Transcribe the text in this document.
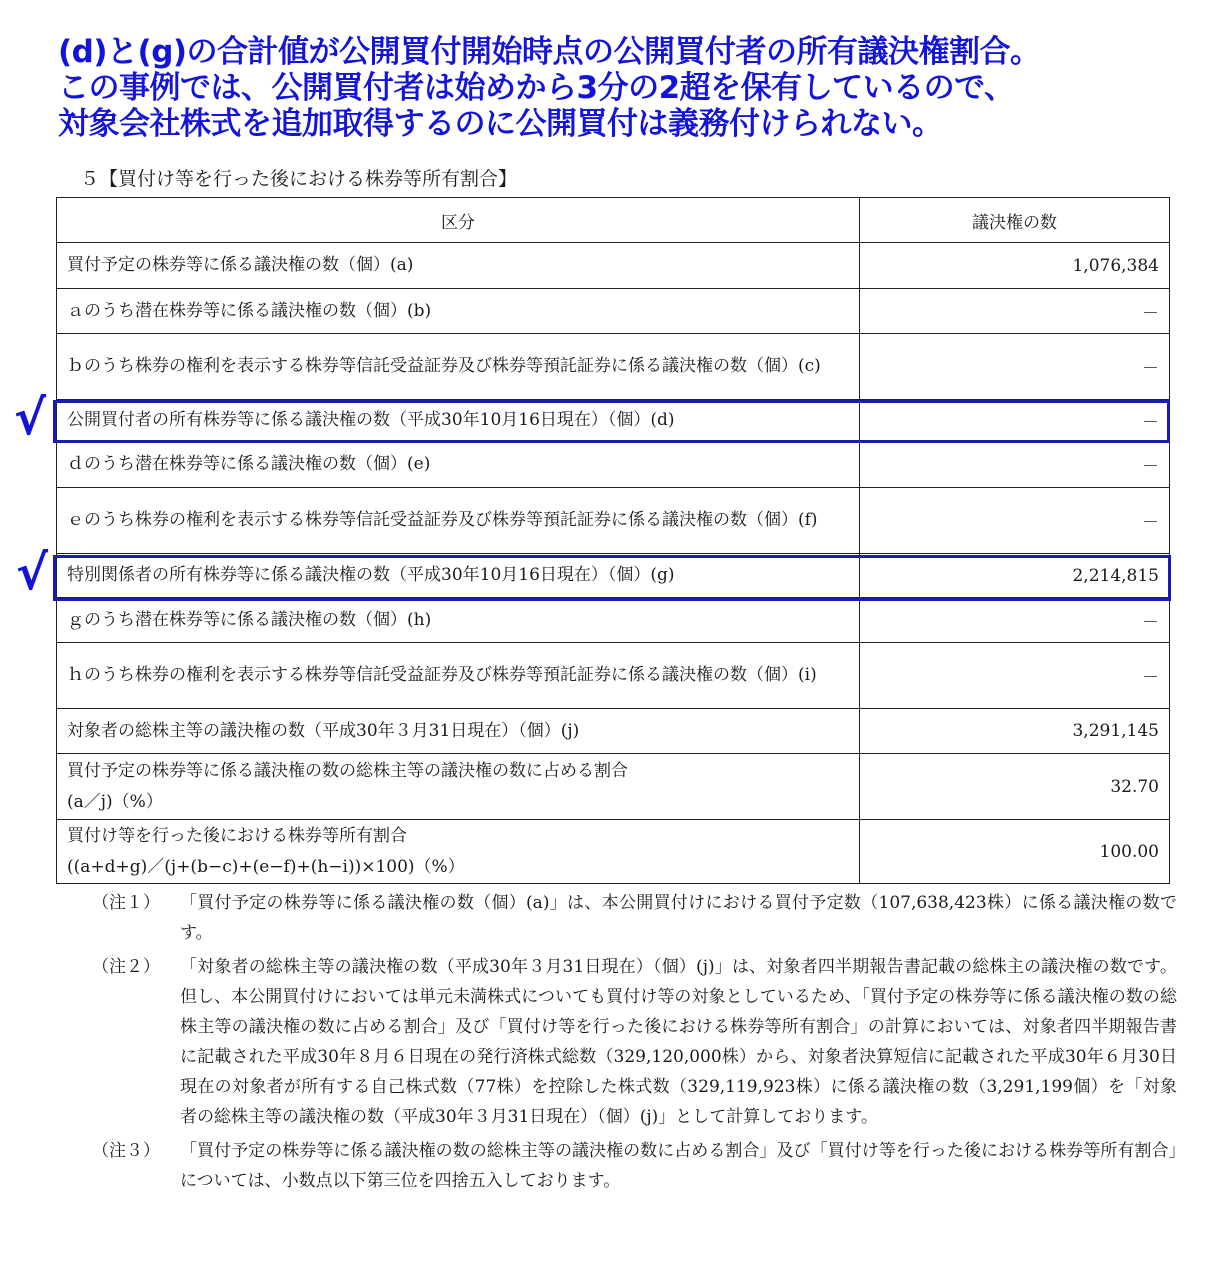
(d)と(g)の合計値が公開買付開始時点の公開買付者の所有議決権割合。
この事例では、公開買付者は始めから3分の2超を保有しているので、
対象会社株式を追加取得するのに公開買付は義務付けられない。
５【買付け等を行った後における株券等所有割合】
区分	議決権の数
買付予定の株券等に係る議決権の数（個）(a)	1,076,384
ａのうち潜在株券等に係る議決権の数（個）(b)	－
ｂのうち株券の権利を表示する株券等信託受益証券及び株券等預託証券に係る議決権の数（個）(c)	－
公開買付者の所有株券等に係る議決権の数（平成30年10月16日現在）（個）(d)	－
ｄのうち潜在株券等に係る議決権の数（個）(e)	－
ｅのうち株券の権利を表示する株券等信託受益証券及び株券等預託証券に係る議決権の数（個）(f)	－
特別関係者の所有株券等に係る議決権の数（平成30年10月16日現在）（個）(g)	2,214,815
ｇのうち潜在株券等に係る議決権の数（個）(h)	－
ｈのうち株券の権利を表示する株券等信託受益証券及び株券等預託証券に係る議決権の数（個）(i)	－
対象者の総株主等の議決権の数（平成30年３月31日現在）（個）(j)	3,291,145
買付予定の株券等に係る議決権の数の総株主等の議決権の数に占める割合
(a／j)（%）	32.70
買付け等を行った後における株券等所有割合
((a+d+g)／(j+(b−c)+(e−f)+(h−i))×100)（%）	100.00
√
√
（注１）	「買付予定の株券等に係る議決権の数（個）(a)」は、本公開買付けにおける買付予定数（107,638,423株）に係る議決権の数です。
（注２）	「対象者の総株主等の議決権の数（平成30年３月31日現在）（個）(j)」は、対象者四半期報告書記載の総株主の議決権の数です。但し、本公開買付けにおいては単元未満株式についても買付け等の対象としているため、「買付予定の株券等に係る議決権の数の総株主等の議決権の数に占める割合」及び「買付け等を行った後における株券等所有割合」の計算においては、対象者四半期報告書に記載された平成30年８月６日現在の発行済株式総数（329,120,000株）から、対象者決算短信に記載された平成30年６月30日現在の対象者が所有する自己株式数（77株）を控除した株式数（329,119,923株）に係る議決権の数（3,291,199個）を「対象者の総株主等の議決権の数（平成30年３月31日現在）（個）(j)」として計算しております。
（注３）	「買付予定の株券等に係る議決権の数の総株主等の議決権の数に占める割合」及び「買付け等を行った後における株券等所有割合」については、小数点以下第三位を四捨五入しております。
